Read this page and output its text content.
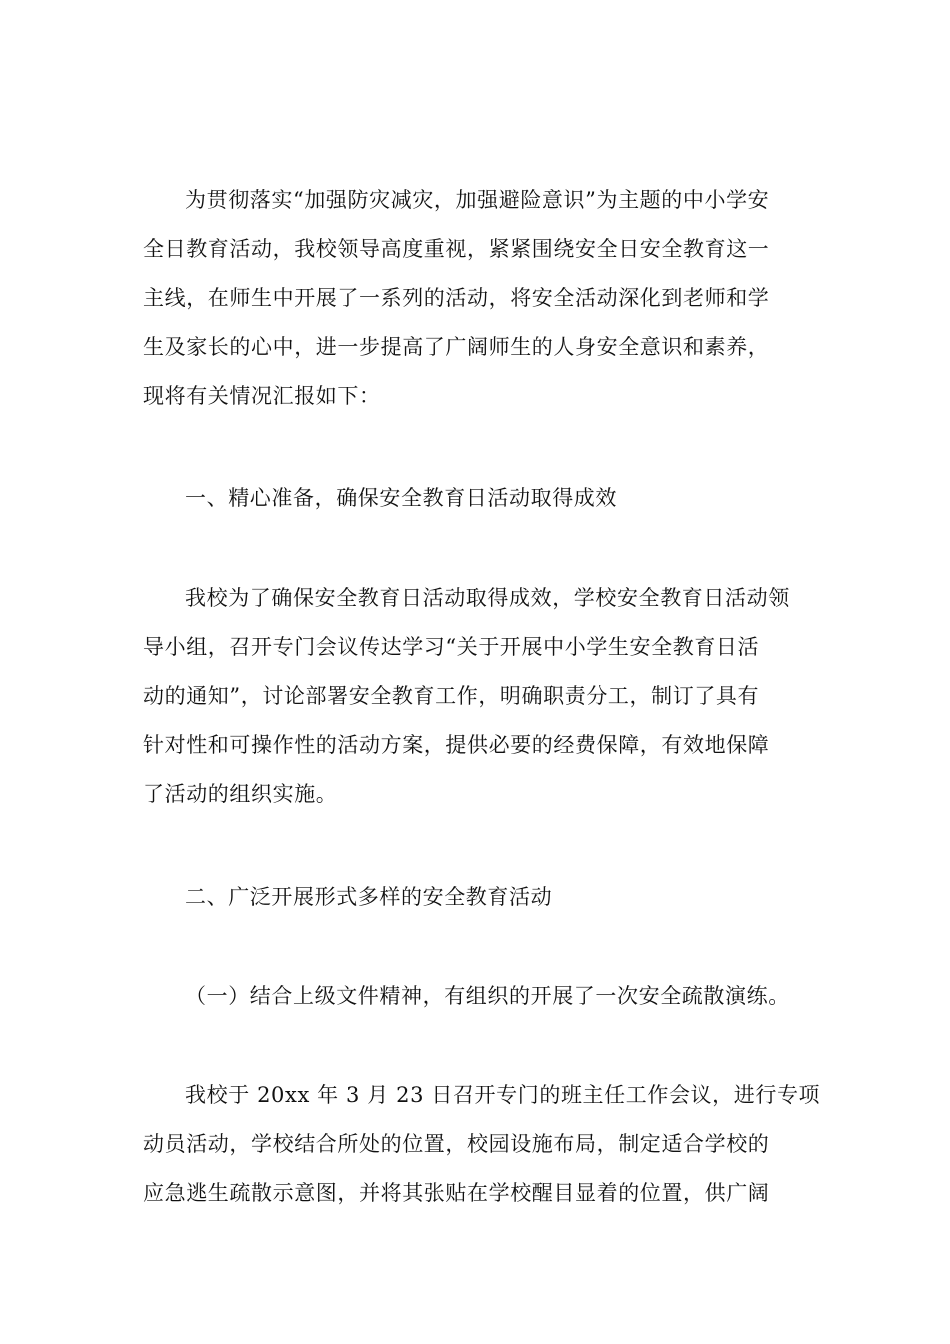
为贯彻落实“加强防灾减灾，加强避险意识”为主题的中小学安
全日教育活动，我校领导高度重视，紧紧围绕安全日安全教育这一
主线，在师生中开展了一系列的活动，将安全活动深化到老师和学
生及家长的心中，进一步提高了广阔师生的人身安全意识和素养，
现将有关情况汇报如下：
一、精心准备，确保安全教育日活动取得成效
我校为了确保安全教育日活动取得成效，学校安全教育日活动领
导小组，召开专门会议传达学习“关于开展中小学生安全教育日活
动的通知”，讨论部署安全教育工作，明确职责分工，制订了具有
针对性和可操作性的活动方案，提供必要的经费保障，有效地保障
了活动的组织实施。
二、广泛开展形式多样的安全教育活动
（一）结合上级文件精神，有组织的开展了一次安全疏散演练。
我校于 20xx 年 3 月 23 日召开专门的班主任工作会议，进行专项
动员活动，学校结合所处的位置，校园设施布局，制定适合学校的
应急逃生疏散示意图，并将其张贴在学校醒目显着的位置，供广阔
